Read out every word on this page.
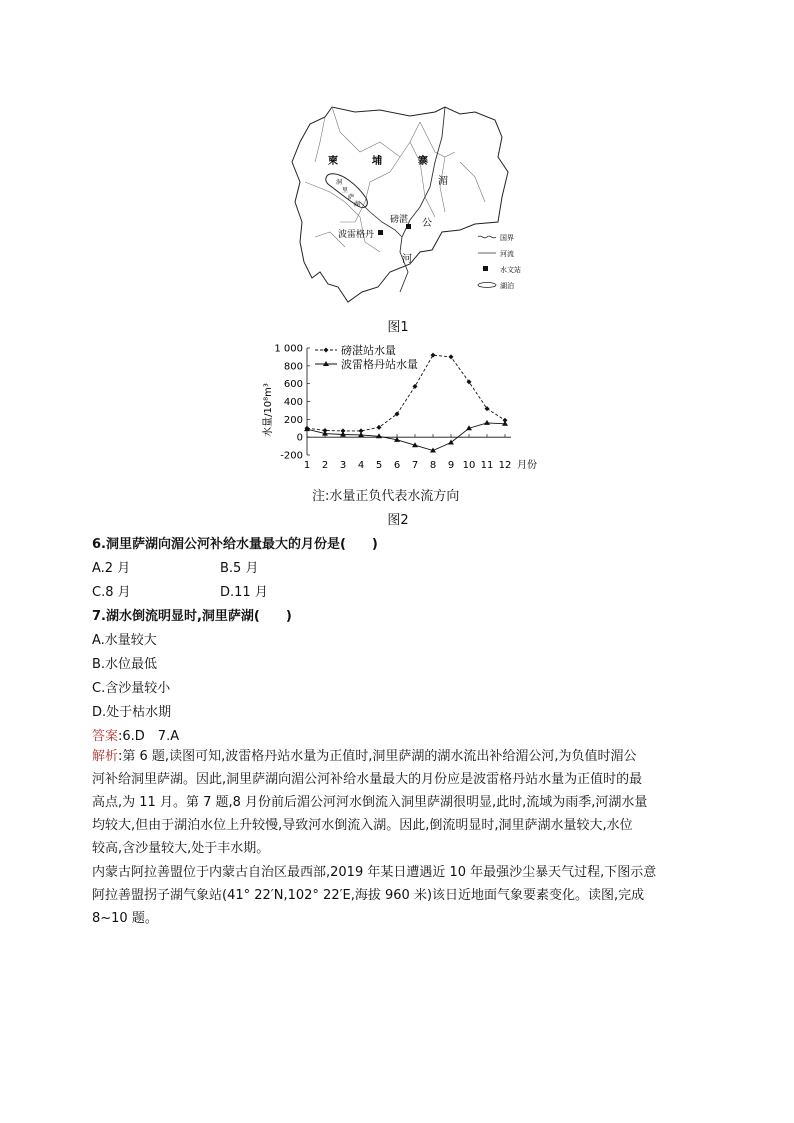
柬	埔	寨
湄
公
河
洞
里
萨
湖
磅湛
波雷格丹	国界
河流
水文站
湖泊
图1
水量/10⁸m³
1 000
800
600
400
200
0
-200
1 2 3 4 5 6 7 8 9 10 11 12 月份
磅湛站水量
波雷格丹站水量
注:水量正负代表水流方向
图2
6.洞里萨湖向湄公河补给水量最大的月份是(　　)
A.2 月	B.5 月
C.8 月	D.11 月
7.湖水倒流明显时,洞里萨湖(　　)
A.水量较大
B.水位最低
C.含沙量较小
D.处于枯水期
答案:6.D　7.A
解析:第 6 题,读图可知,波雷格丹站水量为正值时,洞里萨湖的湖水流出补给湄公河,为负值时湄公
河补给洞里萨湖。因此,洞里萨湖向湄公河补给水量最大的月份应是波雷格丹站水量为正值时的最
高点,为 11 月。第 7 题,8 月份前后湄公河河水倒流入洞里萨湖很明显,此时,流域为雨季,河湖水量
均较大,但由于湖泊水位上升较慢,导致河水倒流入湖。因此,倒流明显时,洞里萨湖水量较大,水位
较高,含沙量较大,处于丰水期。
内蒙古阿拉善盟位于内蒙古自治区最西部,2019 年某日遭遇近 10 年最强沙尘暴天气过程,下图示意
阿拉善盟拐子湖气象站(41° 22′N,102° 22′E,海拔 960 米)该日近地面气象要素变化。读图,完成
8~10 题。
